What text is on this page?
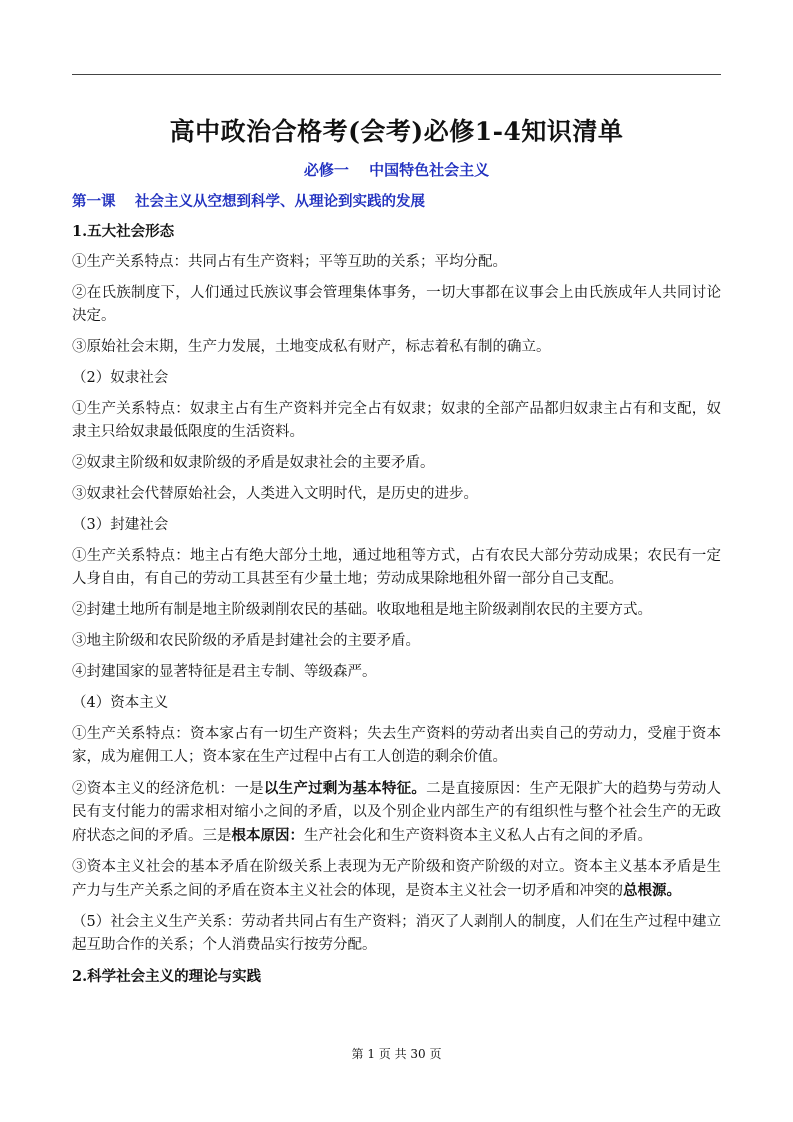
高中政治合格考(会考)必修1-4知识清单
必修一　 中国特色社会主义
第一课　 社会主义从空想到科学、从理论到实践的发展
1.五大社会形态
①生产关系特点：共同占有生产资料；平等互助的关系；平均分配。
②在氏族制度下，人们通过氏族议事会管理集体事务，一切大事都在议事会上由氏族成年人共同讨论决定。
③原始社会末期，生产力发展，土地变成私有财产，标志着私有制的确立。
（2）奴隶社会
①生产关系特点：奴隶主占有生产资料并完全占有奴隶；奴隶的全部产品都归奴隶主占有和支配，奴隶主只给奴隶最低限度的生活资料。
②奴隶主阶级和奴隶阶级的矛盾是奴隶社会的主要矛盾。
③奴隶社会代替原始社会，人类进入文明时代，是历史的进步。
（3）封建社会
①生产关系特点：地主占有绝大部分土地，通过地租等方式，占有农民大部分劳动成果；农民有一定人身自由，有自己的劳动工具甚至有少量土地；劳动成果除地租外留一部分自己支配。
②封建土地所有制是地主阶级剥削农民的基础。收取地租是地主阶级剥削农民的主要方式。
③地主阶级和农民阶级的矛盾是封建社会的主要矛盾。
④封建国家的显著特征是君主专制、等级森严。
（4）资本主义
①生产关系特点：资本家占有一切生产资料；失去生产资料的劳动者出卖自己的劳动力，受雇于资本家，成为雇佣工人；资本家在生产过程中占有工人创造的剩余价值。
②资本主义的经济危机：一是以生产过剩为基本特征。二是直接原因：生产无限扩大的趋势与劳动人民有支付能力的需求相对缩小之间的矛盾，以及个别企业内部生产的有组织性与整个社会生产的无政府状态之间的矛盾。三是根本原因：生产社会化和生产资料资本主义私人占有之间的矛盾。
③资本主义社会的基本矛盾在阶级关系上表现为无产阶级和资产阶级的对立。资本主义基本矛盾是生产力与生产关系之间的矛盾在资本主义社会的体现，是资本主义社会一切矛盾和冲突的总根源。
（5）社会主义生产关系：劳动者共同占有生产资料；消灭了人剥削人的制度，人们在生产过程中建立起互助合作的关系；个人消费品实行按劳分配。
2.科学社会主义的理论与实践
第 1 页 共 30 页
